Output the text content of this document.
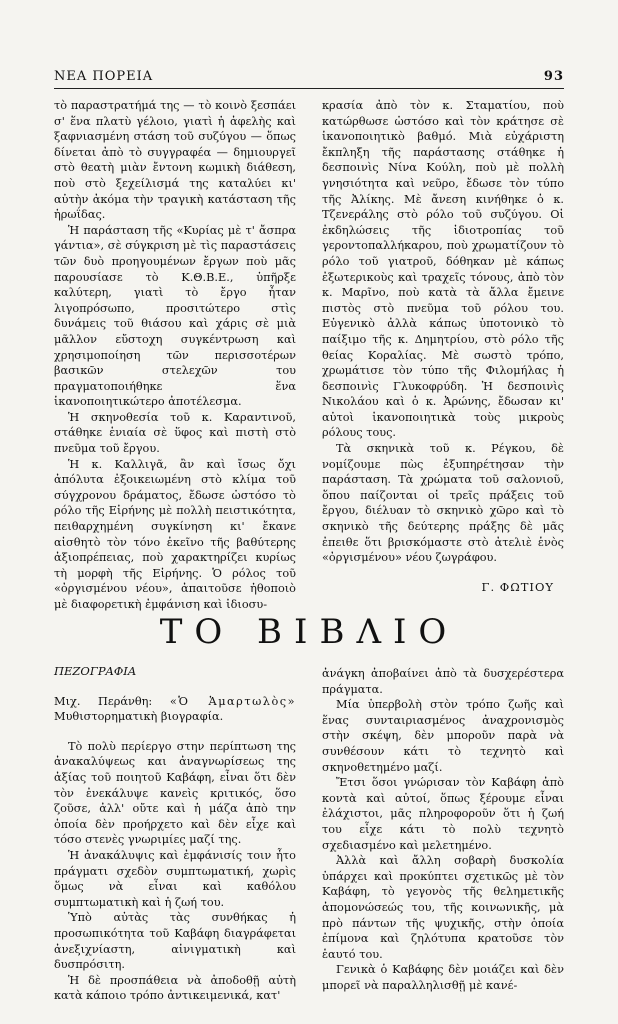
ΝΕΑ ΠΟΡΕΙΑ	93

τὸ παραστρατήμά της — τὸ κοινὸ ξεσπάει σ' ἕνα πλατὺ γέλοιο, γιατὶ ἡ ἀφελὴς καὶ ξαφνιασμένη στάση τοῦ συζύγου — ὅπως δίνεται ἀπὸ τὸ συγγραφέα — δημιουργεῖ στὸ θεατὴ μιὰν ἔντονη κωμικὴ διάθεση, ποὺ στὸ ξεχείλισμά της καταλύει κι' αὐτὴν ἀκόμα τὴν τραγικὴ κατάσταση τῆς ἡρωΐδας.

Ἡ παράσταση τῆς «Κυρίας μὲ τ' ἄσπρα γάντια», σὲ σύγκριση μὲ τὶς παραστάσεις τῶν δυὸ προηγουμένων ἔργων ποὺ μᾶς παρουσίασε τὸ Κ.Θ.Β.Ε., ὑπῆρξε καλύτερη, γιατὶ τὸ ἔργο ἦταν λιγοπρόσωπο, προσιτώτερο στὶς δυνάμεις τοῦ θιάσου καὶ χάρις σὲ μιὰ μᾶλλον εὔστοχη συγκέντρωση καὶ χρησιμοποίηση τῶν περισσοτέρων βασικῶν στελεχῶν του πραγματοποιήθηκε ἕνα ἱκανοποιητικώτερο ἀποτέλεσμα.

Ἡ σκηνοθεσία τοῦ κ. Καραντινοῦ, στάθηκε ἑνιαία σὲ ὕφος καὶ πιστὴ στὸ πνεῦμα τοῦ ἔργου.

Ἡ κ. Καλλιγᾶ, ἂν καὶ ἴσως ὄχι ἀπόλυτα ἐξοικειωμένη στὸ κλίμα τοῦ σύγχρονου δράματος, ἔδωσε ὡστόσο τὸ ρόλο τῆς Εἰρήνης μὲ πολλὴ πειστικότητα, πειθαρχημένη συγκίνηση κι' ἔκανε αἰσθητὸ τὸν τόνο ἐκεῖνο τῆς βαθύτερης ἀξιοπρέπειας, ποὺ χαρακτηρίζει κυρίως τὴ μορφὴ τῆς Εἰρήνης. Ὁ ρόλος τοῦ «ὀργισμένου νέου», ἀπαιτοῦσε ἠθοποιὸ μὲ διαφορετικὴ ἐμφάνιση καὶ ἰδιοσυ-

κρασία ἀπὸ τὸν κ. Σταματίου, ποὺ κατώρθωσε ὡστόσο καὶ τὸν κράτησε σὲ ἱκανοποιητικὸ βαθμό. Μιὰ εὐχάριστη ἔκπληξη τῆς παράστασης στάθηκε ἡ δεσποινὶς Νίνα Κούλη, ποὺ μὲ πολλὴ γνησιότητα καὶ νεῦρο, ἔδωσε τὸν τύπο τῆς Ἀλίκης. Μὲ ἄνεση κινήθηκε ὁ κ. Τζενεράλης στὸ ρόλο τοῦ συζύγου. Οἱ ἐκδηλώσεις τῆς ἰδιοτροπίας τοῦ γεροντοπαλλήκαρου, ποὺ χρωματίζουν τὸ ρόλο τοῦ γιατροῦ, δόθηκαν μὲ κάπως ἐξωτερικοὺς καὶ τραχεῖς τόνους, ἀπὸ τὸν κ. Μαρῖνο, ποὺ κατὰ τὰ ἄλλα ἔμεινε πιστὸς στὸ πνεῦμα τοῦ ρόλου του. Εὐγενικὸ ἀλλὰ κάπως ὑποτονικὸ τὸ παίξιμο τῆς κ. Δημητρίου, στὸ ρόλο τῆς θείας Κοραλίας. Μὲ σωστὸ τρόπο, χρωμάτισε τὸν τύπο τῆς Φιλομήλας ἡ δεσποινὶς Γλυκοφρύδη. Ἡ δεσποινὶς Νικολάου καὶ ὁ κ. Ἀρώνης, ἔδωσαν κι' αὐτοὶ ἱκανοποιητικὰ τοὺς μικροὺς ρόλους τους.

Τὰ σκηνικὰ τοῦ κ. Ρέγκου, δὲ νομίζουμε πὼς ἐξυπηρέτησαν τὴν παράσταση. Τὰ χρώματα τοῦ σαλονιοῦ, ὅπου παίζονται οἱ τρεῖς πράξεις τοῦ ἔργου, διέλυαν τὸ σκηνικὸ χῶρο καὶ τὸ σκηνικὸ τῆς δεύτερης πράξης δὲ μᾶς ἐπειθε ὅτι βρισκόμαστε στὸ ἀτελιὲ ἑνὸς «ὀργισμένου» νέου ζωγράφου.

Γ. ΦΩΤΙΟΥ
ΤΟ ΒΙΒΛΙΟ
ΠΕΖΟΓΡΑΦΙΑ

Μιχ. Περάνθη: «Ὁ Ἁμαρτωλὸς» Μυθιστορηματικὴ βιογραφία.

Τὸ πολὺ περίεργο στην περίπτωση της ἀνακαλύψεως και ἀναγνωρίσεως της ἀξίας τοῦ ποιητοῦ Καβάφη, εἶναι ὅτι δὲν τὸν ἐνεκάλυψε κανεὶς κριτικός, ὅσο ζοῦσε, ἀλλ' οὔτε καὶ ἡ μάζα ἀπὸ την ὁποία δὲν προήρχετο καὶ δὲν εἶχε καὶ τόσο στενὲς γνωριμίες μαζί της.

Ἡ ἀνακάλυψις καὶ ἐμφάνισίς τοιν ἦτο πράγματι σχεδὸν συμπτωματική, χωρὶς ὅμως νὰ εἶναι καὶ καθόλου συμπτωματικὴ καὶ ἡ ζωή του.

Ὑπὸ αὐτὰς τὰς συνθήκας ἡ προσωπικότητα τοῦ Καβάφη διαγράφεται ἀνεξιχνίαστη, αἰνιγματικὴ καὶ δυσπρόσιτη.

Ἡ δὲ προσπάθεια νὰ ἀποδοθῇ αὐτὴ κατὰ κάποιο τρόπο ἀντικειμενικά, κατ'

ἀνάγκη ἀποβαίνει ἀπὸ τὰ δυσχερέστερα πράγματα.

Μία ὑπερβολὴ στὸν τρόπο ζωῆς καὶ ἕνας συνταιριασμένος ἀναχρονισμὸς στὴν σκέψη, δὲν μποροῦν παρὰ νὰ συνθέσουν κάτι τὸ τεχνητὸ καὶ σκηνοθετημένο μαζί.

Ἔτσι ὅσοι γνώρισαν τὸν Καβάφη ἀπὸ κοντὰ καὶ αὐτοί, ὅπως ξέρουμε εἶναι ἐλάχιστοι, μᾶς πληροφοροῦν ὅτι ἡ ζωή του εἶχε κάτι τὸ πολὺ τεχνητὸ σχεδιασμένο καὶ μελετημένο.

Ἀλλὰ καὶ ἄλλη σοβαρὴ δυσκολία ὑπάρχει καὶ προκύπτει σχετικῶς μὲ τὸν Καβάφη, τὸ γεγονὸς τῆς θελημετικῆς ἀπομονώσεώς του, τῆς κοινωνικῆς, μὰ πρὸ πάντων τῆς ψυχικῆς, στὴν ὁποία ἐπίμονα καὶ ζηλότυπα κρατοῦσε τὸν ἑαυτό του.

Γενικὰ ὁ Καβάφης δὲν μοιάζει καὶ δὲν μπορεῖ νὰ παραλληλισθῇ μὲ κανέ-
